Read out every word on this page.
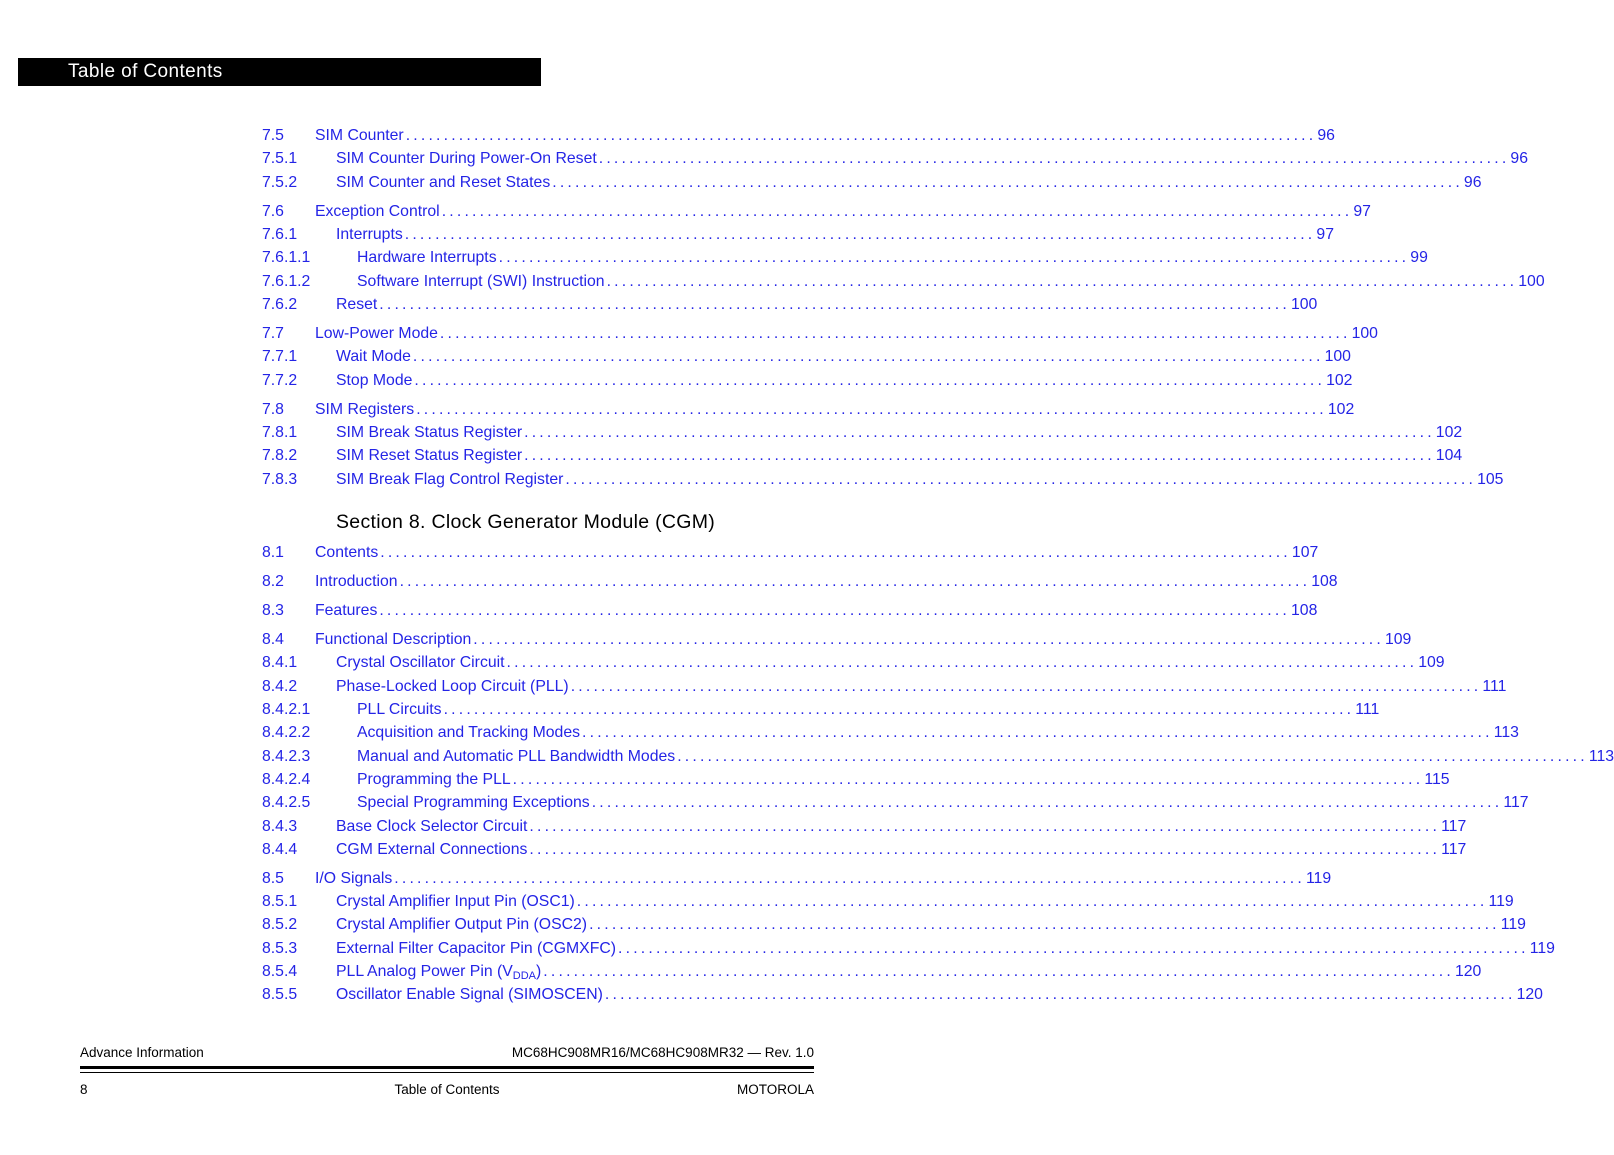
Table of Contents
7.5 SIM Counter ........................................................................................................................ 96
7.5.1 SIM Counter During Power-On Reset ........................................................................................................................ 96
7.5.2 SIM Counter and Reset States ........................................................................................................................ 96
7.6 Exception Control ........................................................................................................................ 97
7.6.1 Interrupts ........................................................................................................................ 97
7.6.1.1	Hardware Interrupts ........................................................................................................................ 99
7.6.1.2	Software Interrupt (SWI) Instruction ........................................................................................................................ 100
7.6.2 Reset ........................................................................................................................ 100
7.7 Low-Power Mode ........................................................................................................................ 100
7.7.1 Wait Mode ........................................................................................................................ 100
7.7.2 Stop Mode ........................................................................................................................ 102
7.8 SIM Registers ........................................................................................................................ 102
7.8.1 SIM Break Status Register ........................................................................................................................ 102
7.8.2 SIM Reset Status Register ........................................................................................................................ 104
7.8.3 SIM Break Flag Control Register ........................................................................................................................ 105
Section 8. Clock Generator Module (CGM)
8.1 Contents ........................................................................................................................ 107
8.2 Introduction ........................................................................................................................ 108
8.3 Features ........................................................................................................................ 108
8.4 Functional Description ........................................................................................................................ 109
8.4.1 Crystal Oscillator Circuit ........................................................................................................................ 109
8.4.2 Phase-Locked Loop Circuit (PLL) ........................................................................................................................ 111
8.4.2.1	PLL Circuits ........................................................................................................................ 111
8.4.2.2	Acquisition and Tracking Modes ........................................................................................................................ 113
8.4.2.3	Manual and Automatic PLL Bandwidth Modes ........................................................................................................................ 113
8.4.2.4	Programming the PLL ........................................................................................................................ 115
8.4.2.5	Special Programming Exceptions ........................................................................................................................ 117
8.4.3 Base Clock Selector Circuit ........................................................................................................................ 117
8.4.4 CGM External Connections ........................................................................................................................ 117
8.5 I/O Signals ........................................................................................................................ 119
8.5.1 Crystal Amplifier Input Pin (OSC1) ........................................................................................................................ 119
8.5.2 Crystal Amplifier Output Pin (OSC2) ........................................................................................................................ 119
8.5.3 External Filter Capacitor Pin (CGMXFC) ........................................................................................................................ 119
8.5.4 PLL Analog Power Pin (VDDA) ........................................................................................................................ 120
8.5.5 Oscillator Enable Signal (SIMOSCEN) ........................................................................................................................ 120
Advance Information	MC68HC908MR16/MC68HC908MR32 — Rev. 1.0
8	Table of Contents	MOTOROLA
